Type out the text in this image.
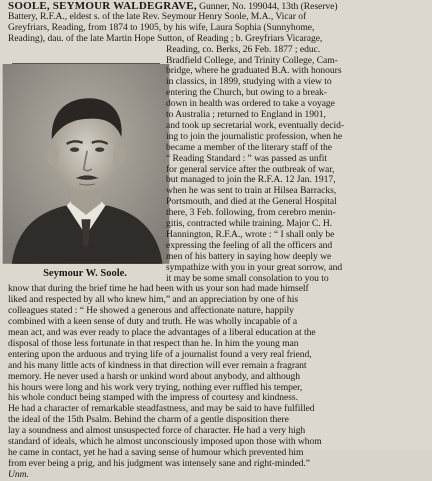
SOOLE, SEYMOUR WALDEGRAVE, Gunner, No. 199044, 13th (Reserve)
Battery, R.F.A., eldest s. of the late Rev. Seymour Henry Soole, M.A., Vicar of
Greyfriars, Reading, from 1874 to 1905, by his wife, Laura Sophia (Sunnyhome,
Reading), dau. of the late Martin Hope Sutton, of Reading ; b. Greyfriars Vicarage,
Seymour W. Soole.
Reading, co. Berks, 26 Feb. 1877 ; educ.
Bradfield College, and Trinity College, Cam-
bridge, where he graduated B.A. with honours
in classics, in 1899, studying with a view to
entering the Church, but owing to a break-
down in health was ordered to take a voyage
to Australia ; returned to England in 1901,
and took up secretarial work, eventually decid-
ing to join the journalistic profession, when he
became a member of the literary staff of the
“ Reading Standard : ” was passed as unfit
for general service after the outbreak of war,
but managed to join the R.F.A. 12 Jan. 1917,
when he was sent to train at Hilsea Barracks,
Portsmouth, and died at the General Hospital
there, 3 Feb. following, from cerebro menin-
gitis, contracted while training. Major C. H.
Hannington, R.F.A., wrote : “ I shall only be
expressing the feeling of all the officers and
men of his battery in saying how deeply we
sympathize with you in your great sorrow, and
it may be some small consolation to you to
know that during the brief time he had been with us your son had made himself
liked and respected by all who knew him,” and an appreciation by one of his
colleagues stated : “ He showed a generous and affectionate nature, happily
combined with a keen sense of duty and truth. He was wholly incapable of a
mean act, and was ever ready to place the advantages of a liberal education at the
disposal of those less fortunate in that respect than he. In him the young man
entering upon the arduous and trying life of a journalist found a very real friend,
and his many little acts of kindness in that direction will ever remain a fragrant
memory. He never used a harsh or unkind word about anybody, and although
his hours were long and his work very trying, nothing ever ruffled his temper,
his whole conduct being stamped with the impress of courtesy and kindness.
He had a character of remarkable steadfastness, and may be said to have fulfilled
the ideal of the 15th Psalm. Behind the charm of a gentle disposition there
lay a soundness and almost unsuspected force of character. He had a very high
standard of ideals, which he almost unconsciously imposed upon those with whom
he came in contact, yet he had a saving sense of humour which prevented him
from ever being a prig, and his judgment was intensely sane and right-minded.”
Unm.
